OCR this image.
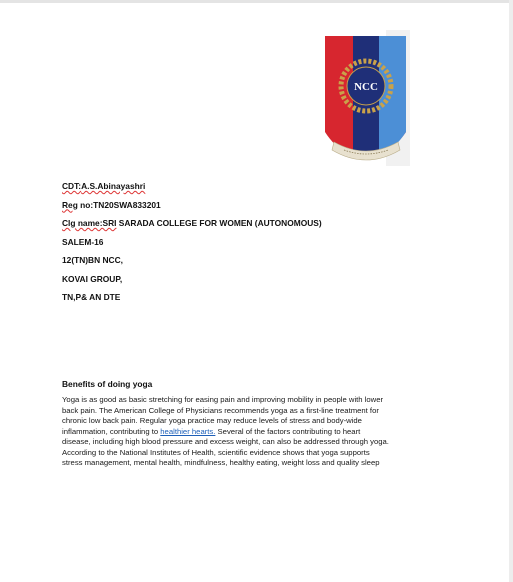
NCC
CDT:A.S.Abinayashri
Reg no:TN20SWA833201
Clg name:SRI SARADA COLLEGE FOR WOMEN (AUTONOMOUS)
SALEM-16
12(TN)BN NCC,
KOVAI GROUP,
TN,P& AN DTE
Benefits of doing yoga
Yoga is as good as basic stretching for easing pain and improving mobility in people with lower
back pain. The American College of Physicians recommends yoga as a first-line treatment for
chronic low back pain. Regular yoga practice may reduce levels of stress and body-wide
inflammation, contributing to healthier hearts. Several of the factors contributing to heart
disease, including high blood pressure and excess weight, can also be addressed through yoga.
According to the National Institutes of Health, scientific evidence shows that yoga supports
stress management, mental health, mindfulness, healthy eating, weight loss and quality sleep
